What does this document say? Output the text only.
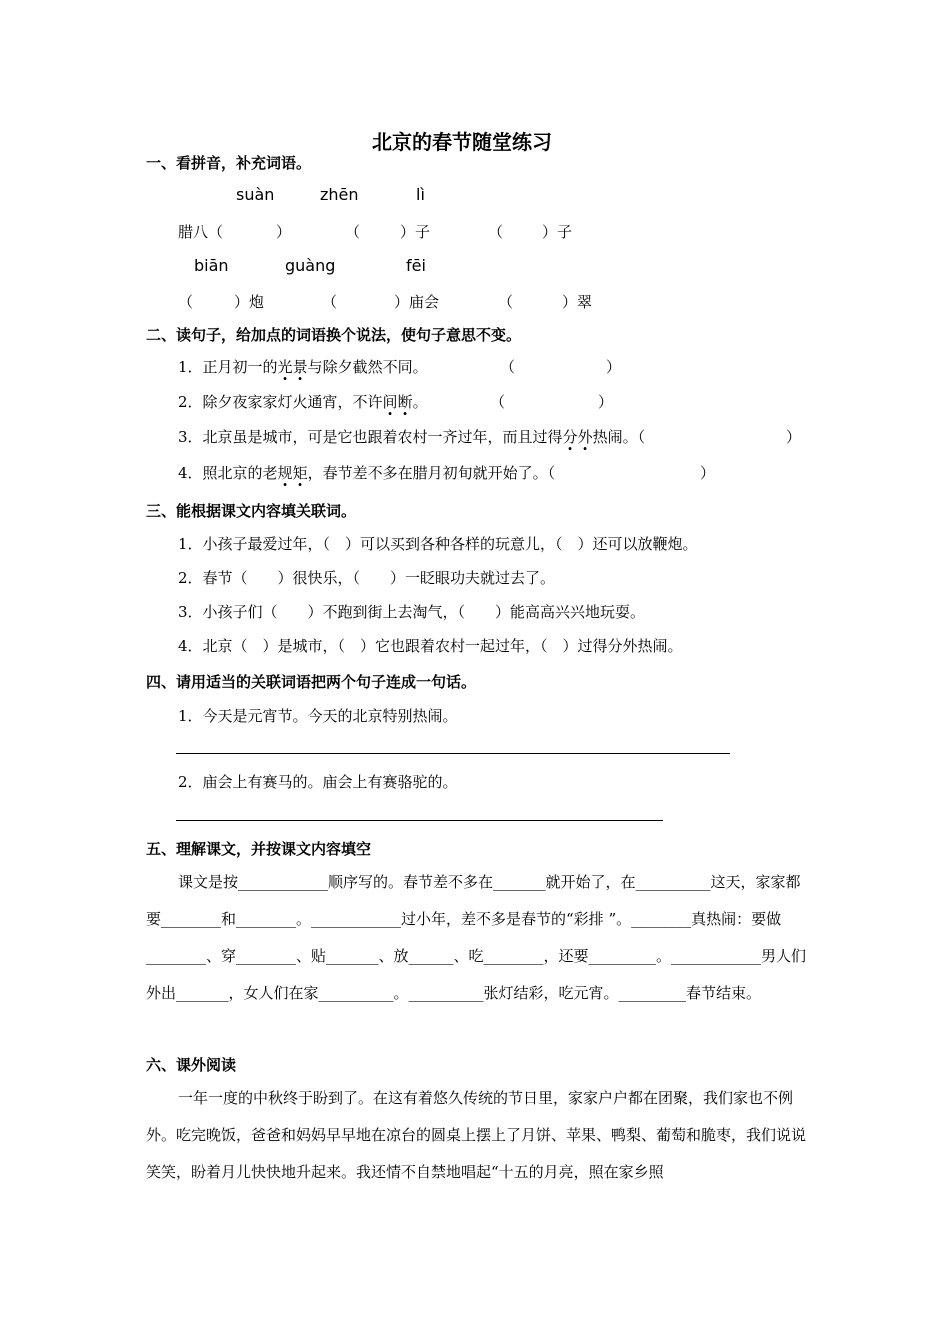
北京的春节随堂练习
一、看拼音，补充词语。
suàn	zhēn	lì
腊八（	）	（	）子	（	）子
biān	guàng	fēi
（	）炮	（	）庙会	（	）翠
二、读句子，给加点的词语换个说法，使句子意思不变。
1．正月初一的光景与除夕截然不同。	（	）
2．除夕夜家家灯火通宵，不许间断。	（	）
3．北京虽是城市，可是它也跟着农村一齐过年，而且过得分外热闹。（	）
4．照北京的老规矩，春节差不多在腊月初旬就开始了。（	）
三、能根据课文内容填关联词。
1．小孩子最爱过年，（　）可以买到各种各样的玩意儿，（　）还可以放鞭炮。
2．春节（　　）很快乐，（　　）一眨眼功夫就过去了。
3．小孩子们（　　）不跑到街上去淘气，（　　）能高高兴兴地玩耍。
4．北京（　）是城市，（　）它也跟着农村一起过年，（　）过得分外热闹。
四、请用适当的关联词语把两个句子连成一句话。
1．今天是元宵节。今天的北京特别热闹。
2．庙会上有赛马的。庙会上有赛骆驼的。
五、理解课文，并按课文内容填空
课文是按____________顺序写的。春节差不多在_______就开始了，在__________这天，家家都要________和________。____________过小年，差不多是春节的“彩排 ”。________真热闹：要做________、穿________、贴_______、放______、吃________，还要_________。____________男人们外出_______，女人们在家__________。__________张灯结彩，吃元宵。_________春节结束。
六、课外阅读
一年一度的中秋终于盼到了。在这有着悠久传统的节日里，家家户户都在团聚，我们家也不例外。吃完晚饭，爸爸和妈妈早早地在凉台的圆桌上摆上了月饼、苹果、鸭梨、葡萄和脆枣，我们说说笑笑，盼着月儿快快地升起来。我还情不自禁地唱起“十五的月亮，照在家乡照
